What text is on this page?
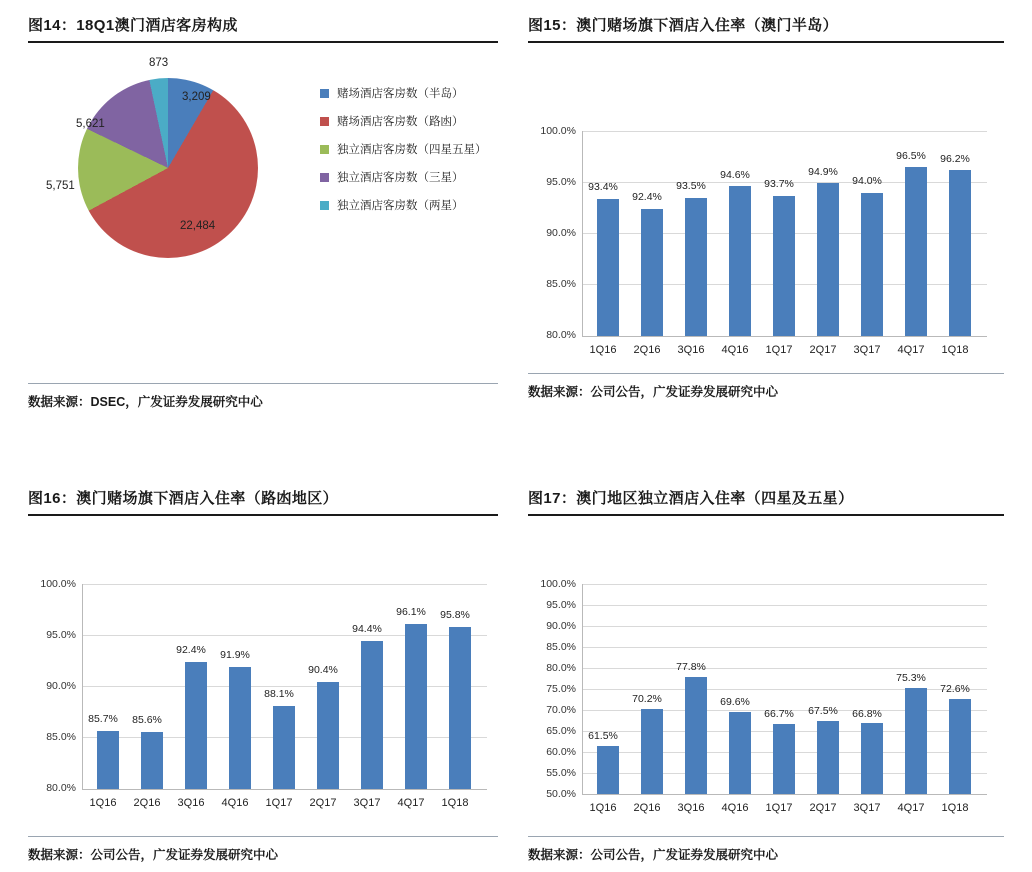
图14：18Q1澳门酒店客房构成
873
3,209
5,621
5,751
22,484
赌场酒店客房数（半岛）
赌场酒店客房数（路凼）
独立酒店客房数（四星五星）
独立酒店客房数（三星）
独立酒店客房数（两星）
数据来源：DSEC，广发证券发展研究中心
图15：澳门赌场旗下酒店入住率（澳门半岛）
100.0%
95.0%
90.0%
85.0%
80.0%
93.4%
92.4%
93.5%
94.6%
93.7%
94.9%
94.0%
96.5%	96.2%
1Q16	2Q16	3Q16	4Q16	1Q17	2Q17	3Q17	4Q17	1Q18
数据来源：公司公告，广发证券发展研究中心
图16：澳门赌场旗下酒店入住率（路凼地区）
100.0%
95.0%
90.0%
85.0%
80.0%
85.7%	85.6%
92.4%	91.9%
88.1%
90.4%
94.4%
96.1%	95.8%
1Q16	2Q16	3Q16	4Q16	1Q17	2Q17	3Q17	4Q17	1Q18
数据来源：公司公告，广发证券发展研究中心
图17：澳门地区独立酒店入住率（四星及五星）
100.0%
95.0%
90.0%
85.0%
80.0%
75.0%
70.0%
65.0%
60.0%
55.0%
50.0%
61.5%
70.2%
77.8%
69.6%
66.7%	67.5%	66.8%
75.3%
72.6%
1Q16	2Q16	3Q16	4Q16	1Q17	2Q17	3Q17	4Q17	1Q18
数据来源：公司公告，广发证券发展研究中心
